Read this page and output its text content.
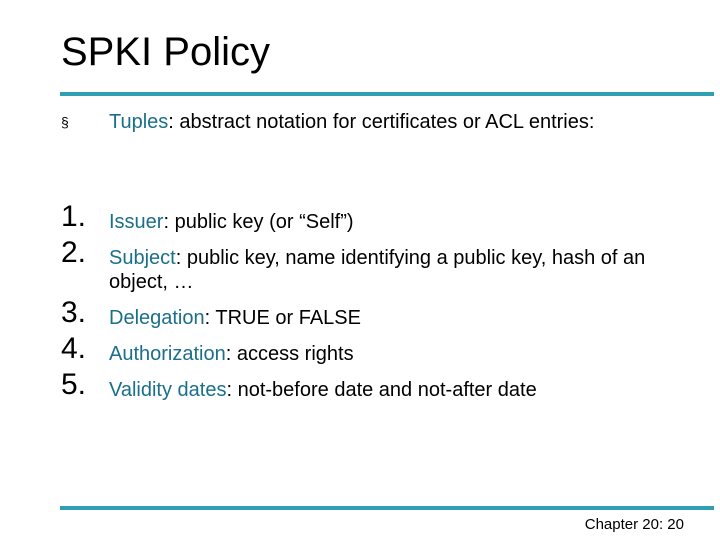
SPKI Policy
§ Tuples: abstract notation for certificates or ACL entries:
1. Issuer: public key (or “Self”)
2. Subject: public key, name identifying a public key, hash of an object, …
3. Delegation: TRUE or FALSE
4. Authorization: access rights
5. Validity dates: not-before date and not-after date
Chapter 20: 20
